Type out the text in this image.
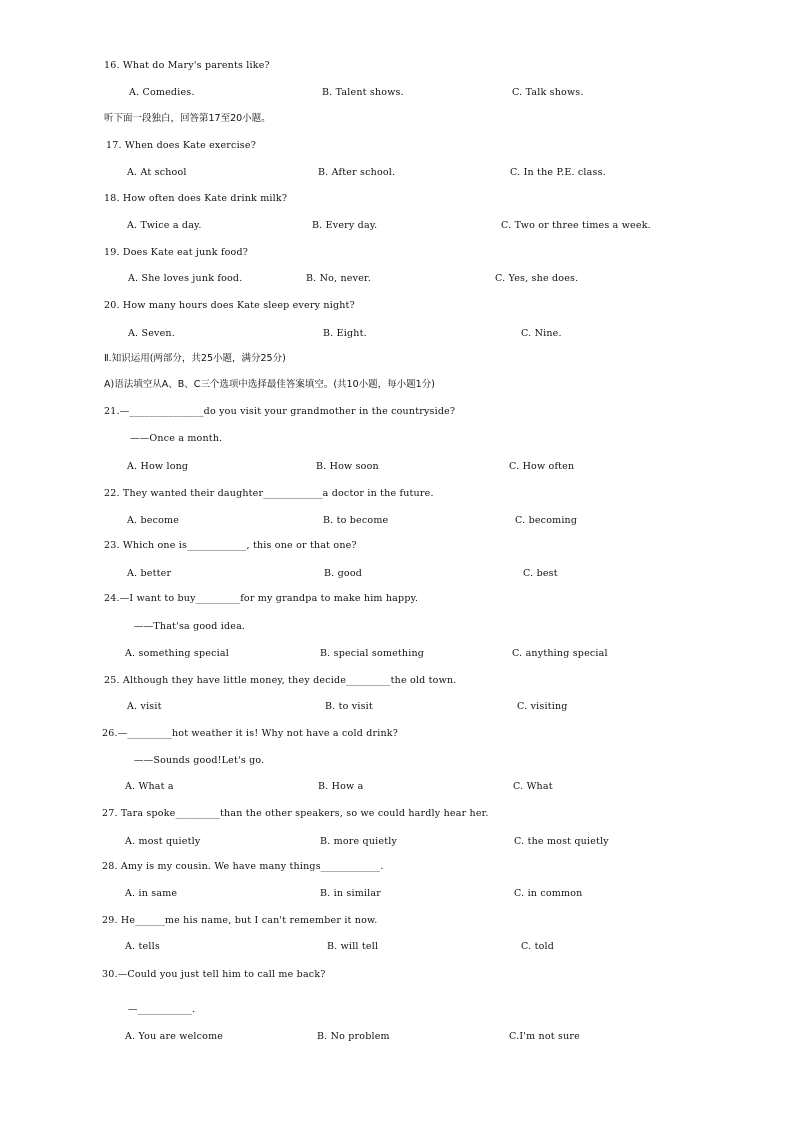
16. What do Mary's parents like?
A. Comedies.	B. Talent shows.	C. Talk shows.
听下面一段独白，回答第17至20小题。
17. When does Kate exercise?
A. At school	B. After school.	C. In the P.E. class.
18. How often does Kate drink milk?
A. Twice a day.	B. Every day.	C. Two or three times a week.
19. Does Kate eat junk food?
A. She loves junk food.	B. No, never.	C. Yes, she does.
20. How many hours does Kate sleep every night?
A. Seven.	B. Eight.	C. Nine.
Ⅱ.知识运用(两部分，共25小题，满分25分)
A)语法填空从A、B、C三个选项中选择最佳答案填空。(共10小题，每小题1分)
21.—_______________do you visit your grandmother in the countryside?
——Once a month.
A. How long	B. How soon	C. How often
22. They wanted their daughter____________a doctor in the future.
A. become	B. to become	C. becoming
23. Which one is____________, this one or that one?
A. better	B. good	C. best
24.—I want to buy_________for my grandpa to make him happy.
——That'sa good idea.
A. something special	B. special something	C. anything special
25. Although they have little money, they decide_________the old town.
A. visit	B. to visit	C. visiting
26.—_________hot weather it is! Why not have a cold drink?
——Sounds good!Let's go.
A. What a	B. How a	C. What
27. Tara spoke_________than the other speakers, so we could hardly hear her.
A. most quietly	B. more quietly	C. the most quietly
28. Amy is my cousin. We have many things____________.
A. in same	B. in similar	C. in common
29. He______me his name, but I can't remember it now.
A. tells	B. will tell	C. told
30.—Could you just tell him to call me back?
—___________.
A. You are welcome	B. No problem	C.I'm not sure
